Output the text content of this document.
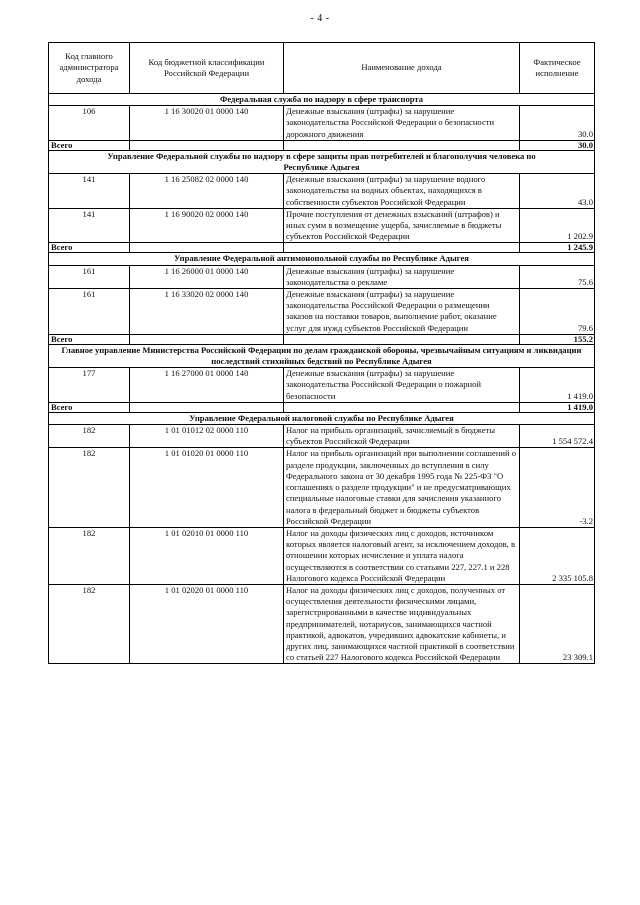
- 4 -
Код главного администратора дохода	Код бюджетной классификации Российской Федерации	Наименование дохода	Фактическое исполнение
Федеральная служба по надзору в сфере транспорта			
106	1 16 30020 01 0000 140	Денежные взыскания (штрафы) за нарушение законодательства Российской Федерации о безопасности дорожного движения	30.0
Всего			30.0
Управление Федеральной службы по надзору в сфере защиты прав потребителей и благополучия человека по Республике Адыгея			
141	1 16 25082 02 0000 140	Денежные взыскания (штрафы) за нарушение водного законодательства на водных объектах, находящихся в собственности субъектов Российской Федерации	43.0
141	1 16 90020 02 0000 140	Прочие поступления от денежных взысканий (штрафов) и иных сумм в возмещение ущерба, зачисляемые в бюджеты субъектов Российской Федерации	1 202.9
Всего			1 245.9
Управление Федеральной антимонопольной службы по Республике Адыгея			
161	1 16 26000 01 0000 140	Денежные взыскания (штрафы) за нарушение законодательства о рекламе	75.6
161	1 16 33020 02 0000 140	Денежные взыскания (штрафы) за нарушение законодательства Российской Федерации о размещении заказов на поставки товаров, выполнение работ, оказание услуг для нужд субъектов Российской Федерации	79.6
Всего			155.2
Главное управление Министерства Российской Федерации по делам гражданской обороны, чрезвычайным ситуациям и ликвидации последствий стихийных бедствий по Республике Адыгея			
177	1 16 27000 01 0000 140	Денежные взыскания (штрафы) за нарушение законодательства Российской Федерации о пожарной безопасности	1 419.0
Всего			1 419.0
Управление Федеральной налоговой службы по Республике Адыгея			
182	1 01 01012 02 0000 110	Налог на прибыль организаций, зачисляемый в бюджеты субъектов Российской Федерации	1 554 572.4
182	1 01 01020 01 0000 110	Налог на прибыль организаций при выполнении соглашений о разделе продукции, заключенных до вступления в силу Федерального закона от 30 декабря 1995 года № 225-ФЗ "О соглашениях о разделе продукции" и не предусматривающих специальные налоговые ставки для зачисления указанного налога в федеральный бюджет и бюджеты субъектов Российской Федерации	-3.2
182	1 01 02010 01 0000 110	Налог на доходы физических лиц с доходов, источником которых является налоговый агент, за исключением доходов, в отношении которых исчисление и уплата налога осуществляются в соответствии со статьями 227, 227.1 и 228 Налогового кодекса Российской Федерации	2 335 105.8
182	1 01 02020 01 0000 110	Налог на доходы физических лиц с доходов, полученных от осуществления деятельности физическими лицами, зарегистрированными в качестве индивидуальных предпринимателей, нотариусов, занимающихся частной практикой, адвокатов, учредивших адвокатские кабинеты, и других лиц, занимающихся частной практикой в соответствии со статьей 227 Налогового кодекса Российской Федерации	23 309.1
